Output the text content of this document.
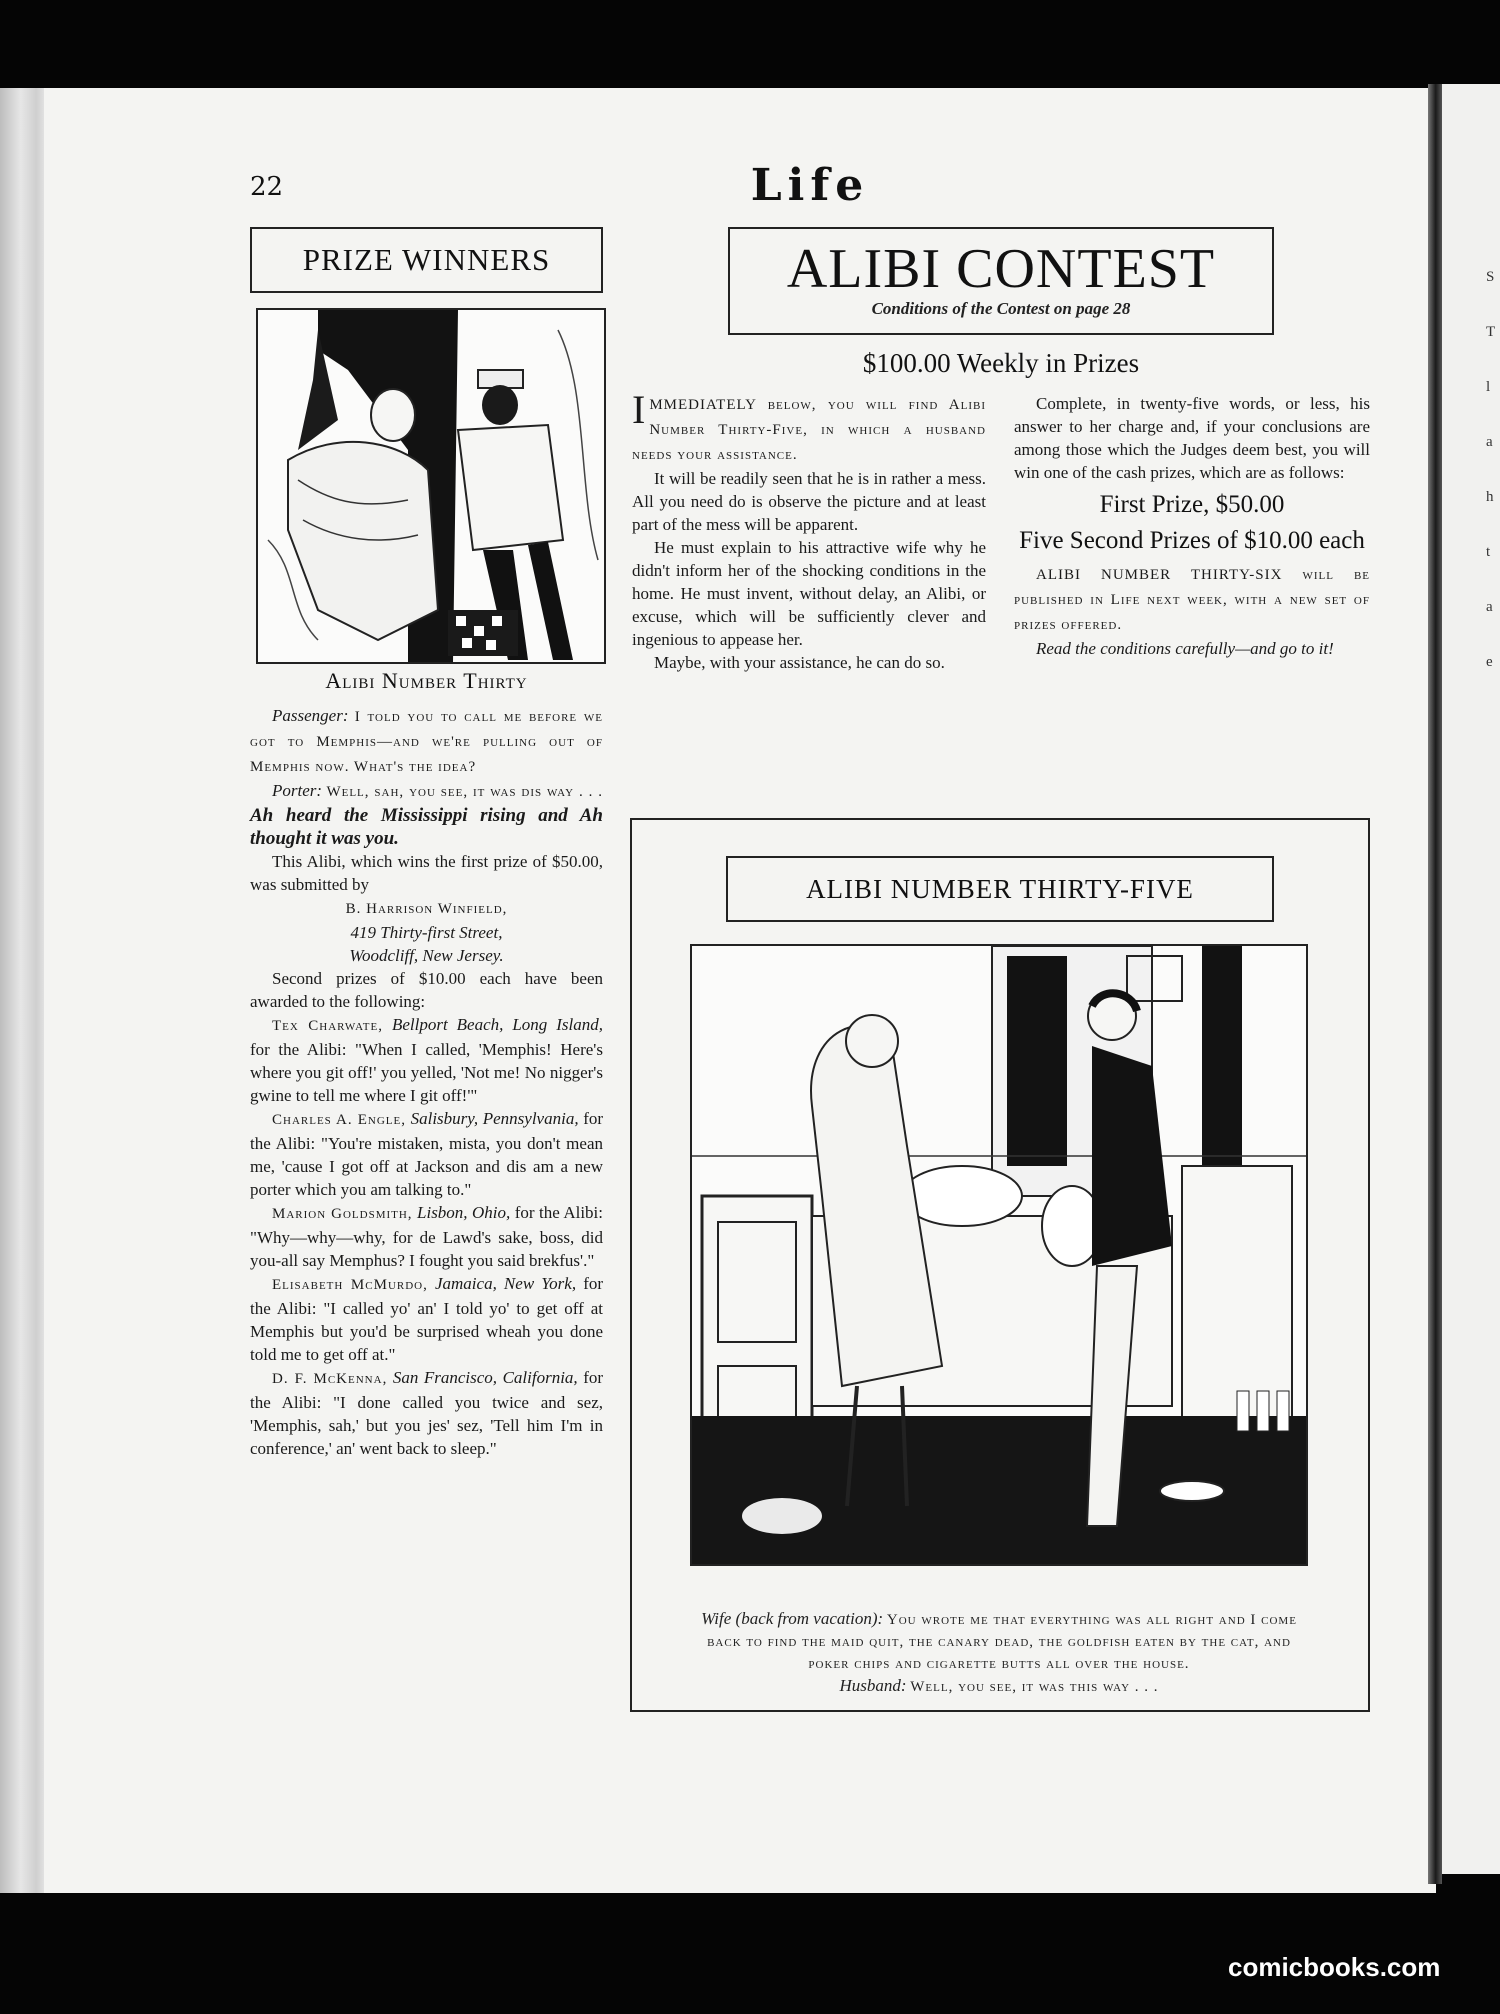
S
T
l
a
h
t
a
e
22	Life
PRIZE WINNERS
Alibi Number Thirty

Passenger: I told you to call me before we got to Memphis—and we're pulling out of Memphis now. What's the idea?

Porter: Well, sah, you see, it was dis way . . . Ah heard the Mississippi rising and Ah thought it was you.

This Alibi, which wins the first prize of $50.00, was submitted by

B. Harrison Winfield,

419 Thirty-first Street,

Woodcliff, New Jersey.

Second prizes of $10.00 each have been awarded to the following:

Tex Charwate, Bellport Beach, Long Island, for the Alibi: "When I called, 'Memphis! Here's where you git off!' you yelled, 'Not me! No nigger's gwine to tell me where I git off!'"

Charles A. Engle, Salisbury, Pennsylvania, for the Alibi: "You're mistaken, mista, you don't mean me, 'cause I got off at Jackson and dis am a new porter which you am talking to."

Marion Goldsmith, Lisbon, Ohio, for the Alibi: "Why—why—why, for de Lawd's sake, boss, did you-all say Memphus? I fought you said brekfus'."

Elisabeth McMurdo, Jamaica, New York, for the Alibi: "I called yo' an' I told yo' to get off at Memphis but you'd be surprised wheah you done told me to get off at."

D. F. McKenna, San Francisco, California, for the Alibi: "I done called you twice and sez, 'Memphis, sah,' but you jes' sez, 'Tell him I'm in conference,' an' went back to sleep."

ALIBI CONTEST
Conditions of the Contest on page 28
$100.00 Weekly in Prizes

IMMEDIATELY below, you will find Alibi Number Thirty-Five, in which a husband needs your assistance.

It will be readily seen that he is in rather a mess. All you need do is observe the picture and at least part of the mess will be apparent.

He must explain to his attractive wife why he didn't inform her of the shocking conditions in the home. He must invent, without delay, an Alibi, or excuse, which will be sufficiently clever and ingenious to appease her.

Maybe, with your assistance, he can do so.

Complete, in twenty-five words, or less, his answer to her charge and, if your conclusions are among those which the Judges deem best, you will win one of the cash prizes, which are as follows:

First Prize, $50.00

Five Second Prizes of $10.00 each

ALIBI NUMBER THIRTY-SIX will be published in Life next week, with a new set of prizes offered.

Read the conditions carefully—and go to it!

ALIBI NUMBER THIRTY-FIVE
Wife (back from vacation): You wrote me that everything was all right and I come back to find the maid quit, the canary dead, the goldfish eaten by the cat, and poker chips and cigarette butts all over the house.
Husband: Well, you see, it was this way . . .
comicbooks.com
